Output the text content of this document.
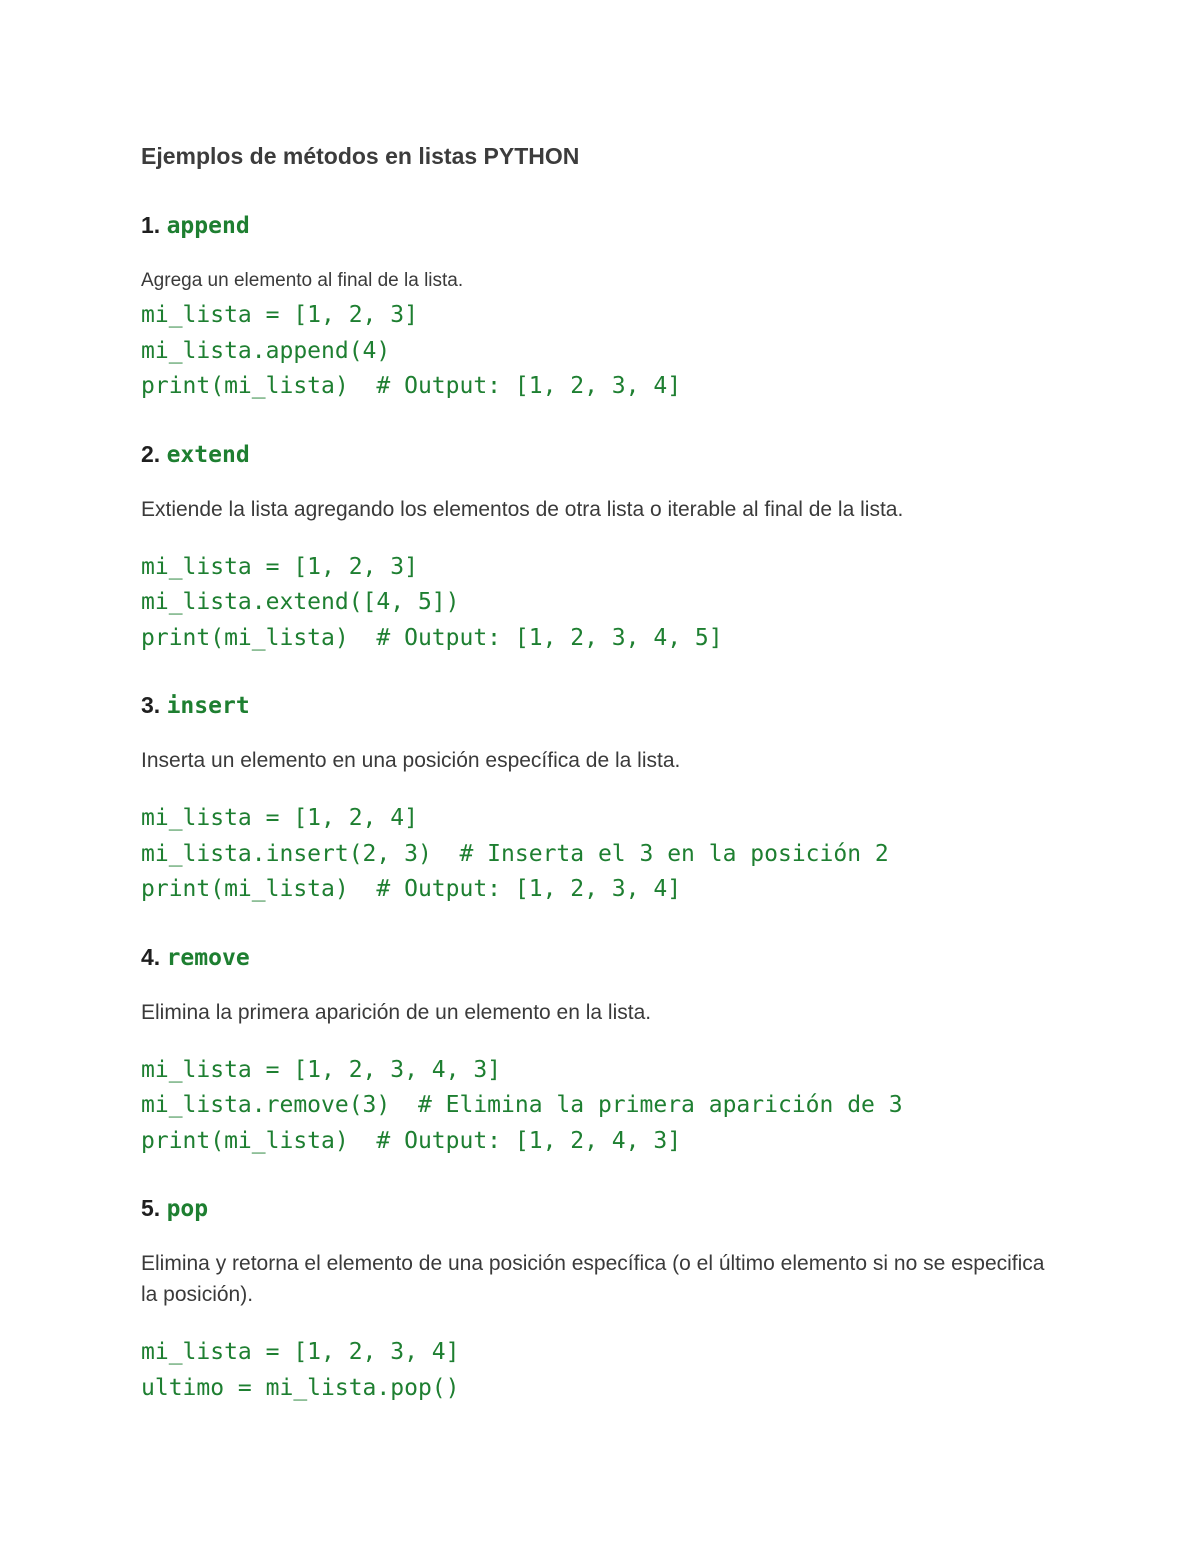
Ejemplos de métodos en listas PYTHON

1. append

Agrega un elemento al final de la lista.

mi_lista = [1, 2, 3]
mi_lista.append(4)
print(mi_lista)  # Output: [1, 2, 3, 4]

2. extend

Extiende la lista agregando los elementos de otra lista o iterable al final de la lista.

mi_lista = [1, 2, 3]
mi_lista.extend([4, 5])
print(mi_lista)  # Output: [1, 2, 3, 4, 5]

3. insert

Inserta un elemento en una posición específica de la lista.

mi_lista = [1, 2, 4]
mi_lista.insert(2, 3)  # Inserta el 3 en la posición 2
print(mi_lista)  # Output: [1, 2, 3, 4]

4. remove

Elimina la primera aparición de un elemento en la lista.

mi_lista = [1, 2, 3, 4, 3]
mi_lista.remove(3)  # Elimina la primera aparición de 3
print(mi_lista)  # Output: [1, 2, 4, 3]

5. pop

Elimina y retorna el elemento de una posición específica (o el último elemento si no se especifica la posición).

mi_lista = [1, 2, 3, 4]
ultimo = mi_lista.pop()
